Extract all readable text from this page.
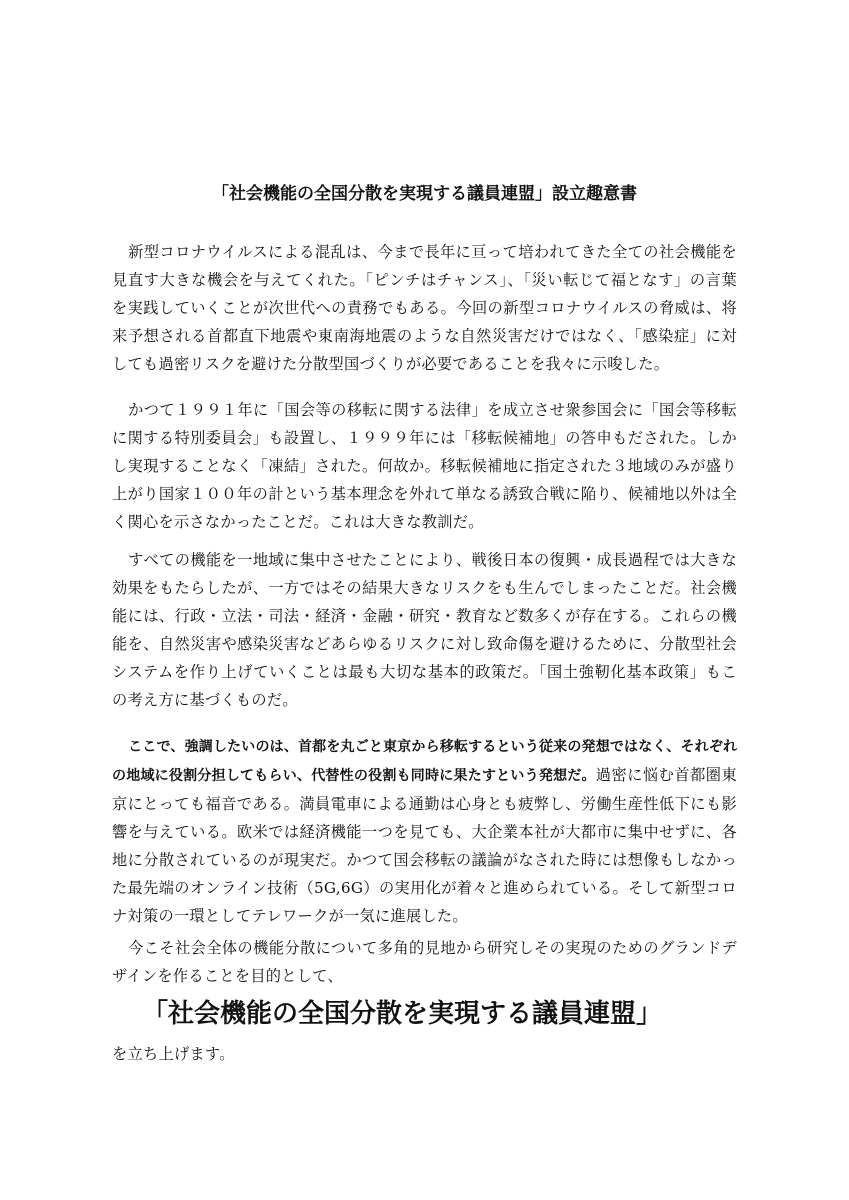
「社会機能の全国分散を実現する議員連盟」設立趣意書

新型コロナウイルスによる混乱は、今まで長年に亘って培われてきた全ての社会機能を見直す大きな機会を与えてくれた。「ピンチはチャンス」、「災い転じて福となす」の言葉を実践していくことが次世代への責務でもある。今回の新型コロナウイルスの脅威は、将来予想される首都直下地震や東南海地震のような自然災害だけではなく、「感染症」に対しても過密リスクを避けた分散型国づくりが必要であることを我々に示唆した。

かつて１９９１年に「国会等の移転に関する法律」を成立させ衆参国会に「国会等移転に関する特別委員会」も設置し、１９９９年には「移転候補地」の答申もだされた。しかし実現することなく「凍結」された。何故か。移転候補地に指定された３地域のみが盛り上がり国家１００年の計という基本理念を外れて単なる誘致合戦に陥り、候補地以外は全く関心を示さなかったことだ。これは大きな教訓だ。

すべての機能を一地域に集中させたことにより、戦後日本の復興・成長過程では大きな効果をもたらしたが、一方ではその結果大きなリスクをも生んでしまったことだ。社会機能には、行政・立法・司法・経済・金融・研究・教育など数多くが存在する。これらの機能を、自然災害や感染災害などあらゆるリスクに対し致命傷を避けるために、分散型社会システムを作り上げていくことは最も大切な基本的政策だ。「国土強靭化基本政策」もこの考え方に基づくものだ。

ここで、強調したいのは、首都を丸ごと東京から移転するという従来の発想ではなく、それぞれの地域に役割分担してもらい、代替性の役割も同時に果たすという発想だ。過密に悩む首都圏東京にとっても福音である。満員電車による通勤は心身とも疲弊し、労働生産性低下にも影響を与えている。欧米では経済機能一つを見ても、大企業本社が大都市に集中せずに、各地に分散されているのが現実だ。かつて国会移転の議論がなされた時には想像もしなかった最先端のオンライン技術（5G,6G）の実用化が着々と進められている。そして新型コロナ対策の一環としてテレワークが一気に進展した。

今こそ社会全体の機能分散について多角的見地から研究しその実現のためのグランドデザインを作ることを目的として、

「社会機能の全国分散を実現する議員連盟」

を立ち上げます。
